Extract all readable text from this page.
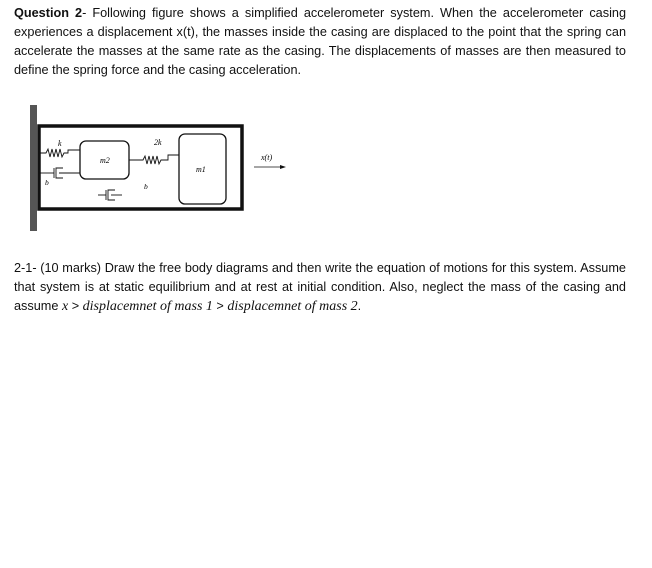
Question 2- Following figure shows a simplified accelerometer system. When the accelerometer casing experiences a displacement x(t), the masses inside the casing are displaced to the point that the spring can accelerate the masses at the same rate as the casing. The displacements of masses are then measured to define the spring force and the casing acceleration.
k	2k
m2
m1
b	b
x(t)
2-1- (10 marks) Draw the free body diagrams and then write the equation of motions for this system. Assume that system is at static equilibrium and at rest at initial condition. Also, neglect the mass of the casing and assume x > displacemnet of mass 1 > displacemnet of mass 2.
